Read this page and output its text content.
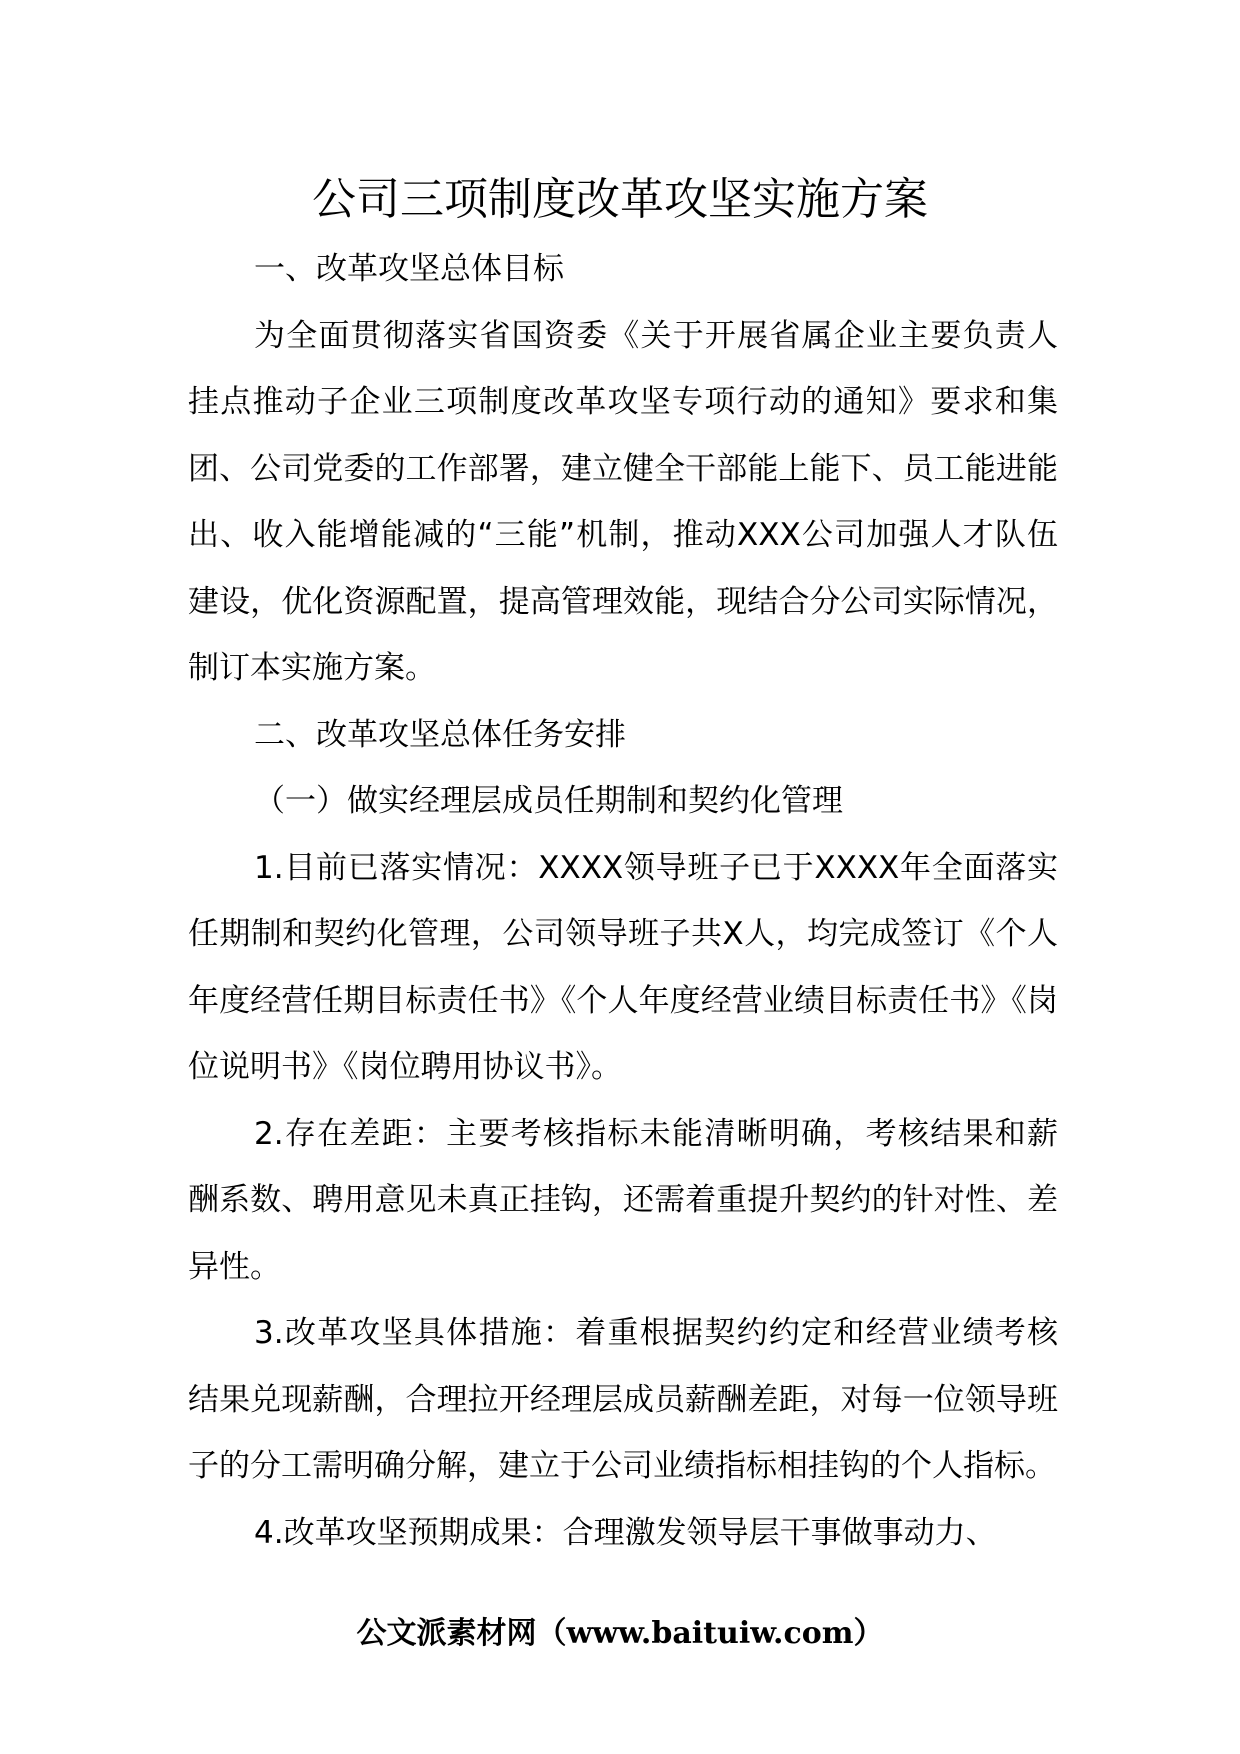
公司三项制度改革攻坚实施方案

一、改革攻坚总体目标

为全面贯彻落实省国资委《关于开展省属企业主要负责人挂点推动子企业三项制度改革攻坚专项行动的通知》要求和集团、公司党委的工作部署，建立健全干部能上能下、员工能进能出、收入能增能减的“三能”机制，推动XXX公司加强人才队伍建设，优化资源配置，提高管理效能，现结合分公司实际情况，制订本实施方案。

二、改革攻坚总体任务安排

（一）做实经理层成员任期制和契约化管理

1.目前已落实情况：XXXX领导班子已于XXXX年全面落实任期制和契约化管理，公司领导班子共X人，均完成签订《个人年度经营任期目标责任书》《个人年度经营业绩目标责任书》《岗位说明书》《岗位聘用协议书》。

2.存在差距：主要考核指标未能清晰明确，考核结果和薪酬系数、聘用意见未真正挂钩，还需着重提升契约的针对性、差异性。

3.改革攻坚具体措施：着重根据契约约定和经营业绩考核结果兑现薪酬，合理拉开经理层成员薪酬差距，对每一位领导班子的分工需明确分解，建立于公司业绩指标相挂钩的个人指标。

4.改革攻坚预期成果：合理激发领导层干事做事动力、

公文派素材网（www.baituiw.com）
